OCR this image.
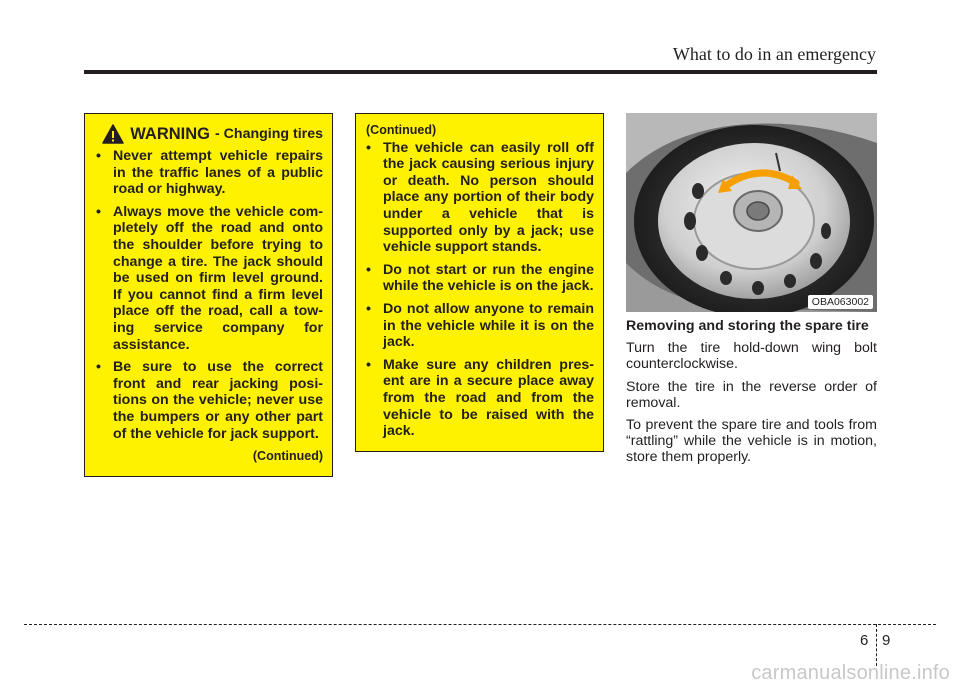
What to do in an emergency
WARNING - Changing tires
• Never attempt vehicle repairs in the traffic lanes of a public road or highway.
• Always move the vehicle com-pletely off the road and onto the shoulder before trying to change a tire. The jack should be used on firm level ground. If you cannot find a firm level place off the road, call a tow-ing service company for assistance.
• Be sure to use the correct front and rear jacking posi-tions on the vehicle; never use the bumpers or any other part of the vehicle for jack support.
(Continued)
(Continued)
• The vehicle can easily roll off the jack causing serious injury or death. No person should place any portion of their body under a vehicle that is supported only by a jack; use vehicle support stands.
• Do not start or run the engine while the vehicle is on the jack.
• Do not allow anyone to remain in the vehicle while it is on the jack.
• Make sure any children pres-ent are in a secure place away from the road and from the vehicle to be raised with the jack.
OBA063002
Removing and storing the spare tire

Turn the tire hold-down wing bolt counterclockwise.

Store the tire in the reverse order of removal.

To prevent the spare tire and tools from “rattling” while the vehicle is in motion, store them properly.

6 9
carmanualsonline.info
